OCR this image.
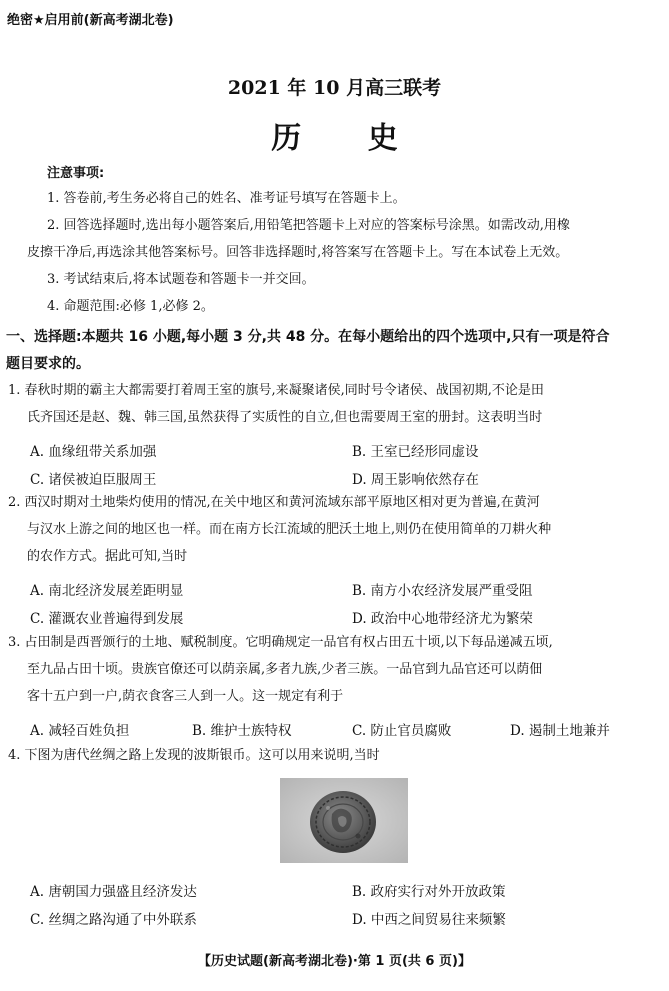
绝密★启用前(新高考湖北卷)
2021 年 10 月高三联考
历 史
注意事项:
1. 答卷前,考生务必将自己的姓名、准考证号填写在答题卡上。
2. 回答选择题时,选出每小题答案后,用铅笔把答题卡上对应的答案标号涂黑。如需改动,用橡
皮擦干净后,再选涂其他答案标号。回答非选择题时,将答案写在答题卡上。写在本试卷上无效。
3. 考试结束后,将本试题卷和答题卡一并交回。
4. 命题范围:必修 1,必修 2。
一、选择题:本题共 16 小题,每小题 3 分,共 48 分。在每小题给出的四个选项中,只有一项是符合
题目要求的。
1. 春秋时期的霸主大都需要打着周王室的旗号,来凝聚诸侯,同时号令诸侯、战国初期,不论是田
氏齐国还是赵、魏、韩三国,虽然获得了实质性的自立,但也需要周王室的册封。这表明当时
A. 血缘纽带关系加强	B. 王室已经形同虚设
C. 诸侯被迫臣服周王	D. 周王影响依然存在
2. 西汉时期对土地柴灼使用的情况,在关中地区和黄河流域东部平原地区相对更为普遍,在黄河
与汉水上游之间的地区也一样。而在南方长江流域的肥沃土地上,则仍在使用简单的刀耕火种
的农作方式。据此可知,当时
A. 南北经济发展差距明显	B. 南方小农经济发展严重受阻
C. 灌溉农业普遍得到发展	D. 政治中心地带经济尤为繁荣
3. 占田制是西晋颁行的土地、赋税制度。它明确规定一品官有权占田五十顷,以下每品递减五顷,
至九品占田十顷。贵族官僚还可以荫亲属,多者九族,少者三族。一品官到九品官还可以荫佃
客十五户到一户,荫衣食客三人到一人。这一规定有利于
A. 减轻百姓负担	B. 维护士族特权	C. 防止官员腐败	D. 遏制土地兼并
4. 下图为唐代丝绸之路上发现的波斯银币。这可以用来说明,当时
A. 唐朝国力强盛且经济发达	B. 政府实行对外开放政策
C. 丝绸之路沟通了中外联系	D. 中西之间贸易往来频繁
【历史试题(新高考湖北卷)·第 1 页(共 6 页)】
